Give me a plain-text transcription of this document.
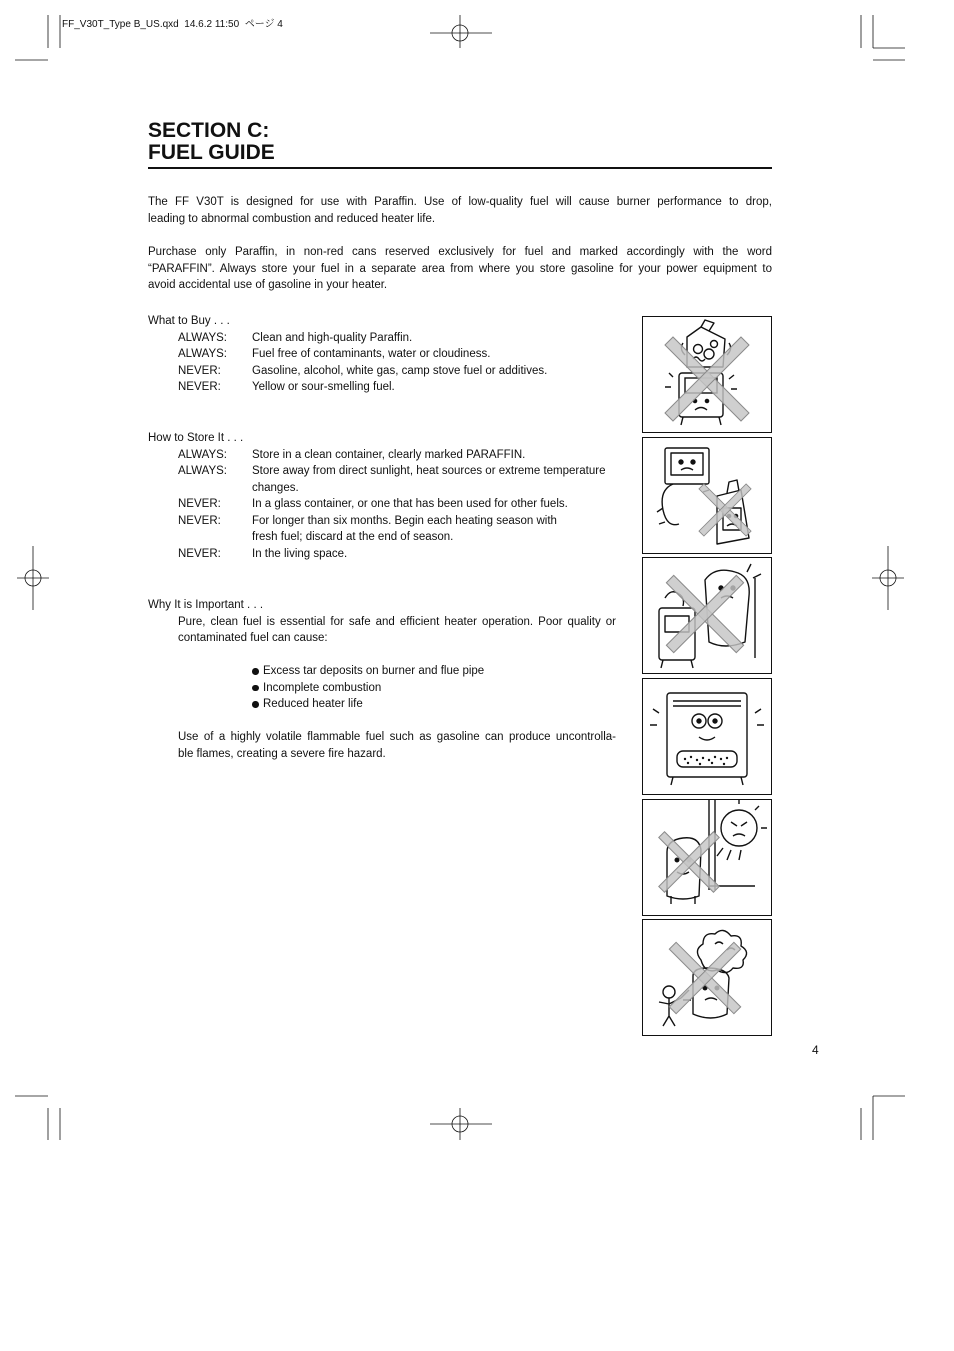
FF_V30T_Type B_US.qxd  14.6.2 11:50  ページ 4
SECTION C:
FUEL GUIDE
The FF V30T is designed for use with Paraffin. Use of low-quality fuel will cause burner performance to drop,
leading to abnormal combustion and reduced heater life.
Purchase only Paraffin, in non-red cans reserved exclusively for fuel and marked accordingly with the word
“PARAFFIN”. Always store your fuel in a separate area from where you store gasoline for your power equipment to
avoid accidental use of gasoline in your heater.
What to Buy . . .
ALWAYS: Clean and high-quality Paraffin.
ALWAYS: Fuel free of contaminants, water or cloudiness.
NEVER:	Gasoline, alcohol, white gas, camp stove fuel or additives.
NEVER:	Yellow or sour-smelling fuel.
How to Store It . . .
ALWAYS: Store in a clean container, clearly marked PARAFFIN.
ALWAYS: Store away from direct sunlight, heat sources or extreme temperature
changes.
NEVER:	In a glass container, or one that has been used for other fuels.
NEVER:	For longer than six months. Begin each heating season with
fresh fuel; discard at the end of season.
NEVER:	In the living space.
Why It is Important . . .
Pure, clean fuel is essential for safe and efficient heater operation. Poor quality or
contaminated fuel can cause:
Excess tar deposits on burner and flue pipe
Incomplete combustion
Reduced heater life
Use of a highly volatile flammable fuel such as gasoline can produce uncontrolla-
ble flames, creating a severe fire hazard.
4
